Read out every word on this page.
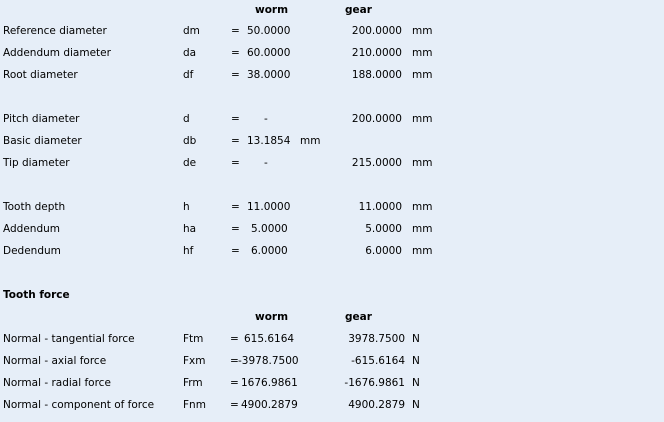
worm	gear
Reference diameter	dm	= 50.0000	200.0000 mm
Addendum diameter	da	= 60.0000	210.0000 mm
Root diameter	df	= 38.0000	188.0000 mm
Pitch diameter	d	= -	200.0000 mm
Basic diameter	db	= 13.1854 mm
Tip diameter	de	= -	215.0000 mm
Tooth depth	h	= 11.0000	11.0000 mm
Addendum	ha	= 5.0000	5.0000 mm
Dedendum	hf	= 6.0000	6.0000 mm
Tooth force
worm	gear
Normal - tangential force	Ftm	= 615.6164	3978.7500 N
Normal - axial force	Fxm = -3978.7500	-615.6164 N
Normal - radial force	Frm	= 1676.9861	-1676.9861 N
Normal - component of force	Fnm = 4900.2879	4900.2879 N
